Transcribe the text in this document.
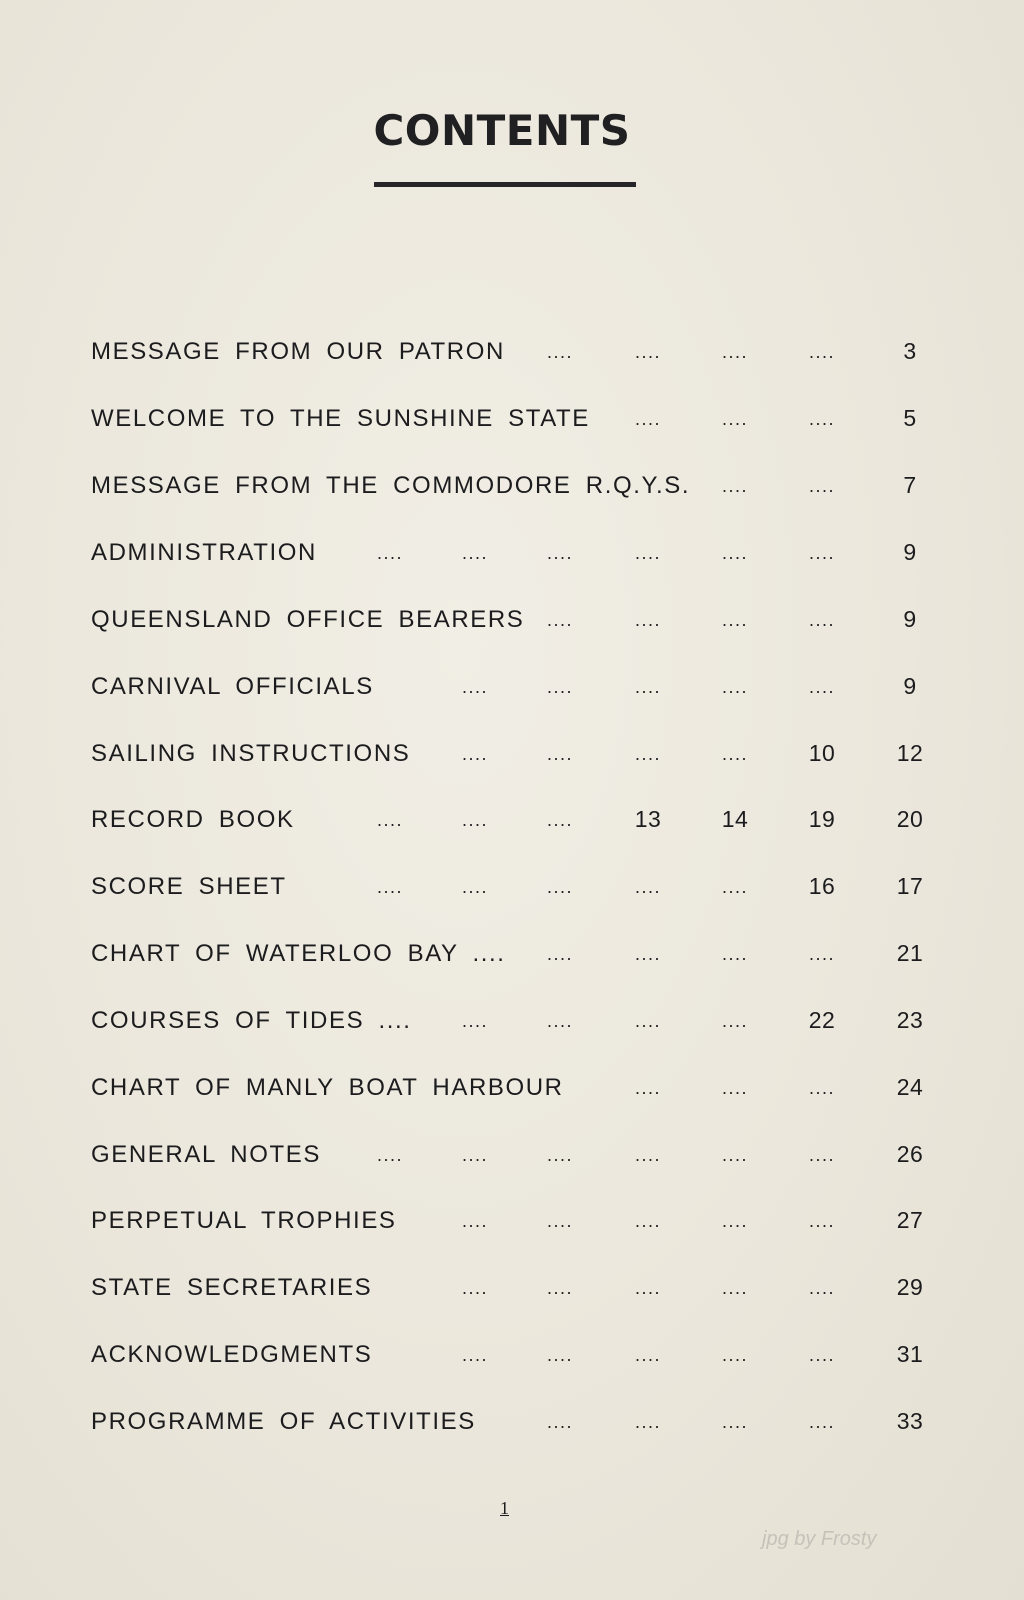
CONTENTS
MESSAGE FROM OUR PATRON	....	....	....	....	3
WELCOME TO THE SUNSHINE STATE	....	....	....	5
MESSAGE FROM THE COMMODORE R.Q.Y.S.	....	....	7
ADMINISTRATION	....	....	....	....	....	....	9
QUEENSLAND OFFICE BEARERS	....	....	....	....	9
CARNIVAL OFFICIALS	....	....	....	....	....	9
SAILING INSTRUCTIONS	....	....	....	....	10	12
RECORD BOOK	....	....	....	13	14	19	20
SCORE SHEET	....	....	....	....	....	16	17
CHART OF WATERLOO BAY ....	....	....	....	....	21
COURSES OF TIDES ....	....	....	....	....	22	23
CHART OF MANLY BOAT HARBOUR	....	....	....	24
GENERAL NOTES	....	....	....	....	....	....	26
PERPETUAL TROPHIES	....	....	....	....	....	27
STATE SECRETARIES	....	....	....	....	....	29
ACKNOWLEDGMENTS	....	....	....	....	....	31
PROGRAMME OF ACTIVITIES	....	....	....	....	33
1
jpg by Frosty
